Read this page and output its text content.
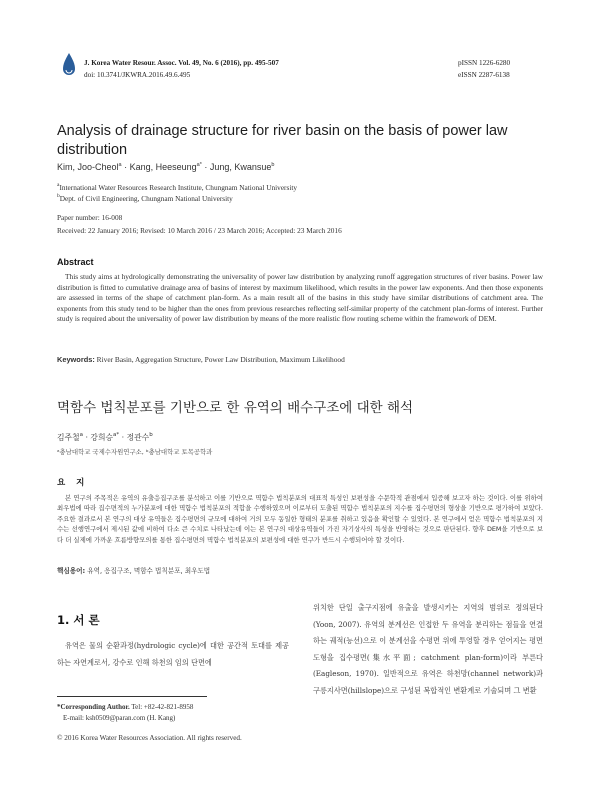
J. Korea Water Resour. Assoc. Vol. 49, No. 6 (2016), pp. 495-507
doi: 10.3741/JKWRA.2016.49.6.495
pISSN 1226-6280
eISSN 2287-6138
Analysis of drainage structure for river basin on the basis of power law distribution
Kim, Joo-Cheol$^a$ · Kang, Heeseung$^{a*}$ · Jung, Kwansue$^b$
$^a$International Water Resources Research Institute, Chungnam National University
$^b$Dept. of Civil Engineering, Chungnam National University
Paper number: 16-008
Received: 22 January 2016; Revised: 10 March 2016 / 23 March 2016; Accepted: 23 March 2016
Abstract
This study aims at hydrologically demonstrating the universality of power law distribution by analyzing runoff aggregation structures of river basins. Power law distribution is fitted to cumulative drainage area of basins of interest by maximum likelihood, which results in the power law exponents. And then those exponents are assessed in terms of the shape of catchment plan-form. As a main result all of the basins in this study have similar distributions of catchment area. The exponents from this study tend to be higher than the ones from previous researches reflecting self-similar property of the catchment plan-forms of interest. Further study is required about the universality of power law distribution by means of the more realistic flow routing scheme within the framework of DEM.
Keywords: River Basin, Aggregation Structure, Power Law Distribution, Maximum Likelihood
멱함수 법칙분포를 기반으로 한 유역의 배수구조에 대한 해석
김주철$^a$ · 강희승$^{a*}$ · 정관수$^b$
ᵃ충남대학교 국제수자원연구소, ᵇ충남대학교 토목공학과
요 지
본 연구의 주목적은 유역의 유출응집구조를 분석하고 이를 기반으로 멱함수 법칙분포의 대표적 특성인 보편성을 수문학적 관점에서 입증해 보고자 하는 것이다. 이를 위하여 최우법에 따라 집수면적의 누가분포에 대한 멱함수 법칙분포의 적합을 수행하였으며 이로부터 도출된 멱함수 법칙분포의 지수를 집수평면의 형상을 기반으로 평가하여 보았다. 주요한 결과로서 본 연구의 대상 유역들은 집수평면의 규모에 대하여 거의 모두 동일한 형태의 분포를 취하고 있음을 확인할 수 있었다. 본 연구에서 얻은 멱함수 법칙분포의 지수는 선행연구에서 제시된 값에 비하여 다소 큰 수치로 나타났는데 이는 본 연구의 대상유역들이 가진 자기상사의 특성을 반영하는 것으로 판단된다. 향후 DEM을 기반으로 보다 더 실제에 가까운 흐름방향모의를 통한 집수평면의 멱함수 법칙분포의 보편성에 대한 연구가 반드시 수행되어야 할 것이다.
핵심용어: 유역, 응집구조, 멱함수 법칙분포, 최우도법
1. 서 론
유역은 물의 순환과정(hydrologic cycle)에 대한 공간적 토대를 제공하는 자연계로서, 강수로 인해 하천의 임의 단면에
위치한 단일 출구지점에 유출을 발생시키는 지역의 범위로 정의된다(Yoon, 2007). 유역의 분계선은 인접한 두 유역을 분리하는 점들을 연결하는 궤적(능선)으로 이 분계선을 수평면 위에 투영할 경우 얻어지는 평면도형을 집수평면(集水平面; catchment plan-form)이라 부른다(Eagleson, 1970). 일반적으로 유역은 하천망(channel network)과 구릉지사면(hillslope)으로 구성된 복합적인 변환계로 기술되며 그 변환
*Corresponding Author. Tel: +82-42-821-8958
E-mail: ksh0509@paran.com (H. Kang)
© 2016 Korea Water Resources Association. All rights reserved.
